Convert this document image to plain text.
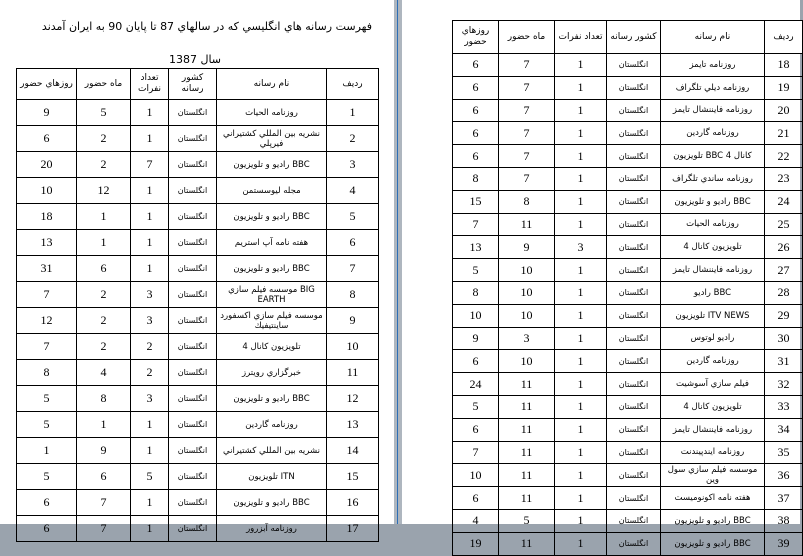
فهرست رسانه هاي انگليسي كه در سالهاي 87 تا پايان 90 به ايران آمدند
سال 1387
روزهاي حضور	ماه حضور	تعداد نفرات	كشور رسانه	نام رسانه	رديف
9	5	1	انگلستان	روزنامه الحيات	1
6	2	1	انگلستان	نشريه بين المللي كشتيراني فيرپلي	2
20	2	7	انگلستان	راديو و تلويزيون BBC	3
10	12	1	انگلستان	مجله ليوسستمن	4
18	1	1	انگلستان	راديو و تلويزيون BBC	5
13	1	1	انگلستان	هفته نامه آپ استريم	6
31	6	1	انگلستان	راديو و تلويزيون BBC	7
7	2	3	انگلستان	موسسه فيلم سازي BIG EARTH	8
12	2	3	انگلستان	موسسه فيلم سازي اكسفورد ساينتيفيك	9
7	2	2	انگلستان	تلويزيون كانال 4	10
8	4	2	انگلستان	خبرگزاري رويترز	11
5	8	3	انگلستان	راديو و تلويزيون BBC	12
5	1	1	انگلستان	روزنامه گاردين	13
1	9	1	انگلستان	نشريه بين المللي كشتيراني	14
5	6	5	انگلستان	تلويزيون ITN	15
6	7	1	انگلستان	راديو و تلويزيون BBC	16
6	7	1	انگلستان	روزنامه آبزرور	17
روزهاي حضور	ماه حضور	تعداد نفرات	كشور رسانه	نام رسانه	رديف
6	7	1	انگلستان	روزنامه تايمز	18
6	7	1	انگلستان	روزنامه ديلي تلگراف	19
6	7	1	انگلستان	روزنامه فايننشال تايمز	20
6	7	1	انگلستان	روزنامه گاردين	21
6	7	1	انگلستان	تلويزيون BBC كانال 4	22
8	7	1	انگلستان	روزنامه ساندي تلگراف	23
15	8	1	انگلستان	راديو و تلويزيون BBC	24
7	11	1	انگلستان	روزنامه الحيات	25
13	9	3	انگلستان	تلويزيون كانال 4	26
5	10	1	انگلستان	روزنامه فايننشال تايمز	27
8	10	1	انگلستان	راديو BBC	28
10	10	1	انگلستان	تلويزيون ITV NEWS	29
9	3	1	انگلستان	راديو لوتوس	30
6	10	1	انگلستان	روزنامه گاردين	31
24	11	1	انگلستان	فيلم سازي آسوشيت	32
5	11	1	انگلستان	تلويزيون كانال 4	33
6	11	1	انگلستان	روزنامه فايننشال تايمز	34
7	11	1	انگلستان	روزنامه ايندپيندنت	35
10	11	1	انگلستان	موسسه فيلم سازي سول وين	36
6	11	1	انگلستان	هفته نامه اكونوميست	37
4	5	1	انگلستان	راديو و تلويزيون BBC	38
19	11	1	انگلستان	راديو و تلويزيون BBC	39
